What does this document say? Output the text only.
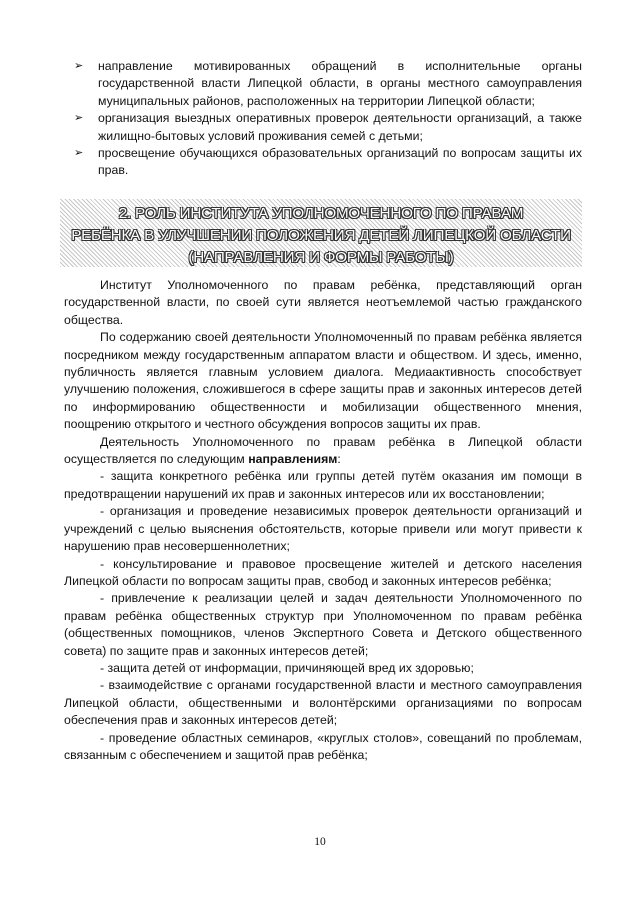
➢ направление мотивированных обращений в исполнительные органы государственной власти Липецкой области, в органы местного самоуправления муниципальных районов, расположенных на территории Липецкой области;
➢ организация выездных оперативных проверок деятельности организаций, а также жилищно-бытовых условий проживания семей с детьми;
➢ просвещение обучающихся образовательных организаций по вопросам защиты их прав.
2. РОЛЬ ИНСТИТУТА УПОЛНОМОЧЕННОГО ПО ПРАВАМ
РЕБЁНКА В УЛУЧШЕНИИ ПОЛОЖЕНИЯ ДЕТЕЙ ЛИПЕЦКОЙ ОБЛАСТИ
(НАПРАВЛЕНИЯ И ФОРМЫ РАБОТЫ)

Институт Уполномоченного по правам ребёнка, представляющий орган государственной власти, по своей сути является неотъемлемой частью гражданского общества.

По содержанию своей деятельности Уполномоченный по правам ребёнка является посредником между государственным аппаратом власти и обществом. И здесь, именно, публичность является главным условием диалога. Медиаактивность способствует улучшению положения, сложившегося в сфере защиты прав и законных интересов детей по информированию общественности и мобилизации общественного мнения, поощрению открытого и честного обсуждения вопросов защиты их прав.

Деятельность Уполномоченного по правам ребёнка в Липецкой области осуществляется по следующим направлениям:

- защита конкретного ребёнка или группы детей путём оказания им помощи в предотвращении нарушений их прав и законных интересов или их восстановлении;

- организация и проведение независимых проверок деятельности организаций и учреждений с целью выяснения обстоятельств, которые привели или могут привести к нарушению прав несовершеннолетних;

- консультирование и правовое просвещение жителей и детского населения Липецкой области по вопросам защиты прав, свобод и законных интересов ребёнка;

- привлечение к реализации целей и задач деятельности Уполномоченного по правам ребёнка общественных структур при Уполномоченном по правам ребёнка (общественных помощников, членов Экспертного Совета и Детского общественного совета) по защите прав и законных интересов детей;

- защита детей от информации, причиняющей вред их здоровью;

- взаимодействие с органами государственной власти и местного самоуправления Липецкой области, общественными и волонтёрскими организациями по вопросам обеспечения прав и законных интересов детей;

- проведение областных семинаров, «круглых столов», совещаний по проблемам, связанным с обеспечением и защитой прав ребёнка;

10
